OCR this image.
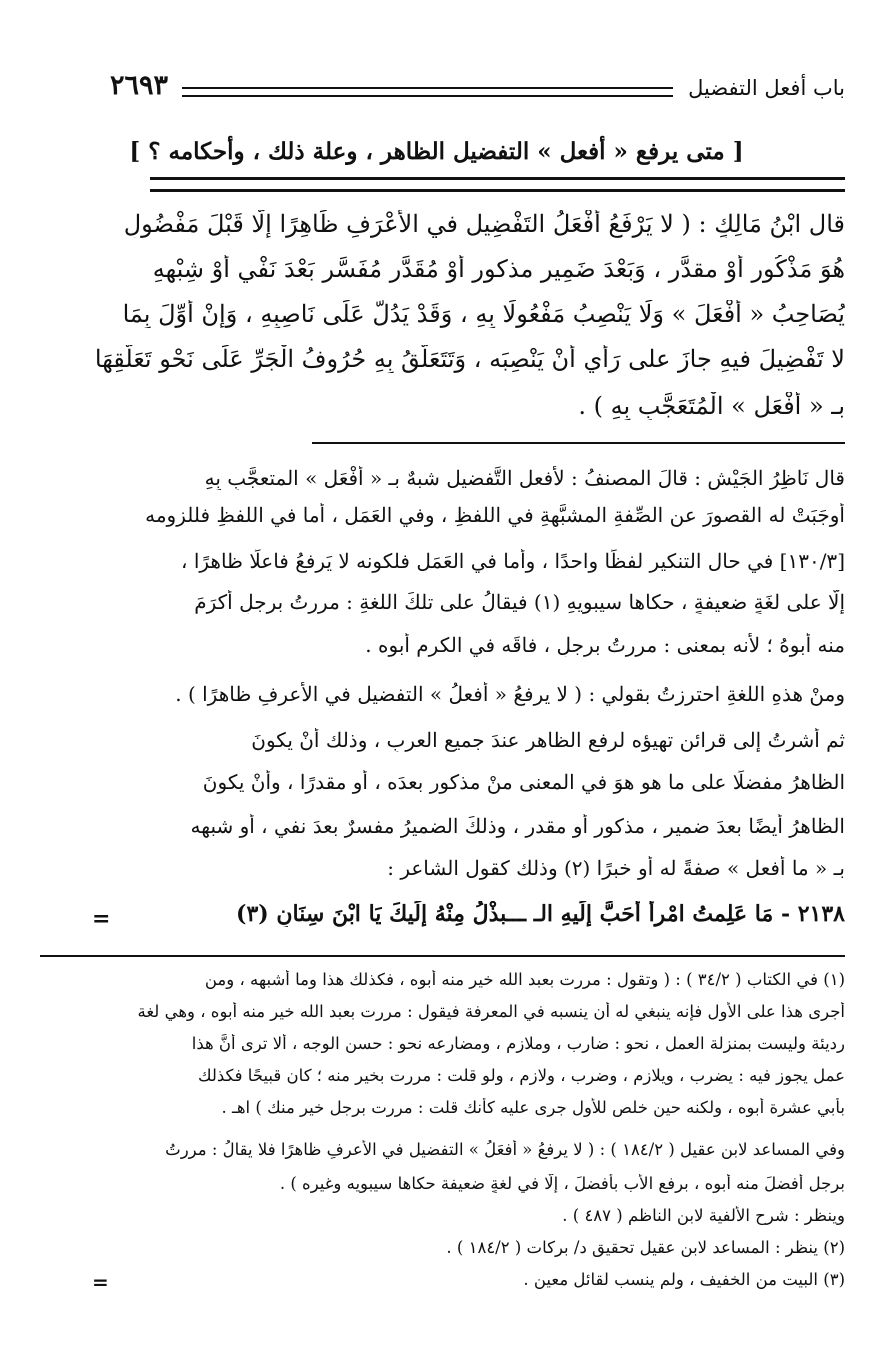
باب أفعل التفضيل
٢٦٩٣
[ متى يرفع « أفعل » التفضيل الظاهر ، وعلة ذلك ، وأحكامه ؟ ]
قال ابْنُ مَالِكٍ : ( لا يَرْفَعُ أَفْعَلُ التَفْضِيلِ في الأَعْرَفِ ظَاهِرًا إلَّا قَبْلَ مَفْضُولٍ
هُوَ مَذْكُورٍ أَوْ مقدَّرٍ ، وَبَعْدَ ضَمِيرٍ مذكورٍ أَوْ مُقَدَّرٍ مُفَسَّرٍ بَعْدَ نَفْيٍ أَوْ شِبْهِهِ
يُصَاحِبُ « أَفْعَلَ » وَلَا يَنْصِبُ مَفْعُولًا بِهِ ، وَقَدْ يَدُلُّ عَلَى نَاصِبِهِ ، وَإِنْ أُوِّلَ بِمَا
لا تَفْضِيلَ فيهِ جازَ على رَأْيٍ أَنْ يَنْصِبَه ، وَتَتَعَلَّقُ بِهِ حُرُوفُ الْجَرِّ عَلَى نَحْوِ تَعَلُّقِهَا
بـ « أَفْعَل » الْمُتَعَجَّبِ بِهِ ) .
قال نَاظِرُ الجَيْشِ : قالَ المصنفُ : لأفعلِ التَّفضيلِ شبهٌ بـ « أَفْعَل » المتعجَّبِ بِهِ
أوجَبَتْ له القصورَ عن الصِّفةِ المشبَّهةِ في اللفظِ ، وفي العَمَلِ ، أما في اللفظِ فللزومه
[١٣٠/٣] في حالِ التنكيرِ لفظًا واحدًا ، وأما في العَمَلِ فلكونه لا يَرفعُ فاعلًا ظاهرًا ،
إلَّا على لغَةٍ ضعيفةٍ ، حكاها سيبويهِ (١) فيقالُ على تلكَ اللغةِ : مررتُ برجلٍ أكرَمَ
منه أبوهُ ؛ لأنه بمعنى : مررتُ برجلٍ ، فاقَه في الكرمِ أبوه .
ومنْ هذهِ اللغةِ احترزتُ بقولي : ( لا يرفعُ « أفعلُ » التفضيلِ في الأعرفِ ظاهرًا ) .
ثم أشرتُ إلى قرائنِ تهيؤه لرفعِ الظاهرِ عندَ جميعِ العربِ ، وذلك أنْ يكونَ
الظاهرُ مفضلًا على ما هو هوَ في المعنى منْ مذكورٍ بعدَه ، أو مقدرًا ، وأنْ يكونَ
الظاهرُ أيضًا بعدَ ضميرٍ ، مذكورٍ أو مقدرٍ ، وذلكَ الضميرُ مفسرٌ بعدَ نفيٍ ، أو شبهِه
بـ « ما أفعل » صفةً له أو خبرًا (٢) وذلك كقولِ الشاعرِ :
٢١٣٨ - مَا عَلِمتُ امْرأً أَحَبَّ إِلَيهِ الـ ـــبذْلُ مِنْهُ إِلَيكَ يَا ابْنَ سِنَانِ (٣)
=
(١) في الكتاب ( ٣٤/٢ ) : ( وتقول : مررت بعبد الله خير منه أبوه ، فكذلك هذا وما أشبهه ، ومن
أجرى هذا على الأول فإنه ينبغي له أن ينسبه في المعرفة فيقول : مررت بعبد الله خير منه أبوه ، وهي لغة
رديئة وليست بمنزلة العمل ، نحو : ضارب ، وملازم ، ومضارعه نحو : حسن الوجه ، ألا ترى أنَّ هذا
عمل يجوز فيه : يضرب ، ويلازم ، وضرب ، ولازم ، ولو قلت : مررت بخير منه ؛ كان قبيحًا فكذلك
بأبي عشرة أبوه ، ولكنه حين خلص للأول جرى عليه كأنك قلت : مررت برجل خير منك ) اهـ .
وفي المساعد لابن عقيل ( ١٨٤/٢ ) : ( لا يرفعُ « أَفعَلُ » التفضيلِ في الأعرفِ ظاهرًا فلا يقالُ : مررتُ
برجل أفضلَ منه أبوه ، برفع الأب بأفضلَ ، إلَّا في لغةٍ ضعيفة حكاها سيبويه وغيره ) .
وينظر : شرح الألفية لابن الناظم ( ٤٨٧ ) .
(٢) ينظر : المساعد لابن عقيل تحقيق د/ بركات ( ١٨٤/٢ ) .
(٣) البيت من الخفيف ، ولم ينسب لقائل معين .
=
